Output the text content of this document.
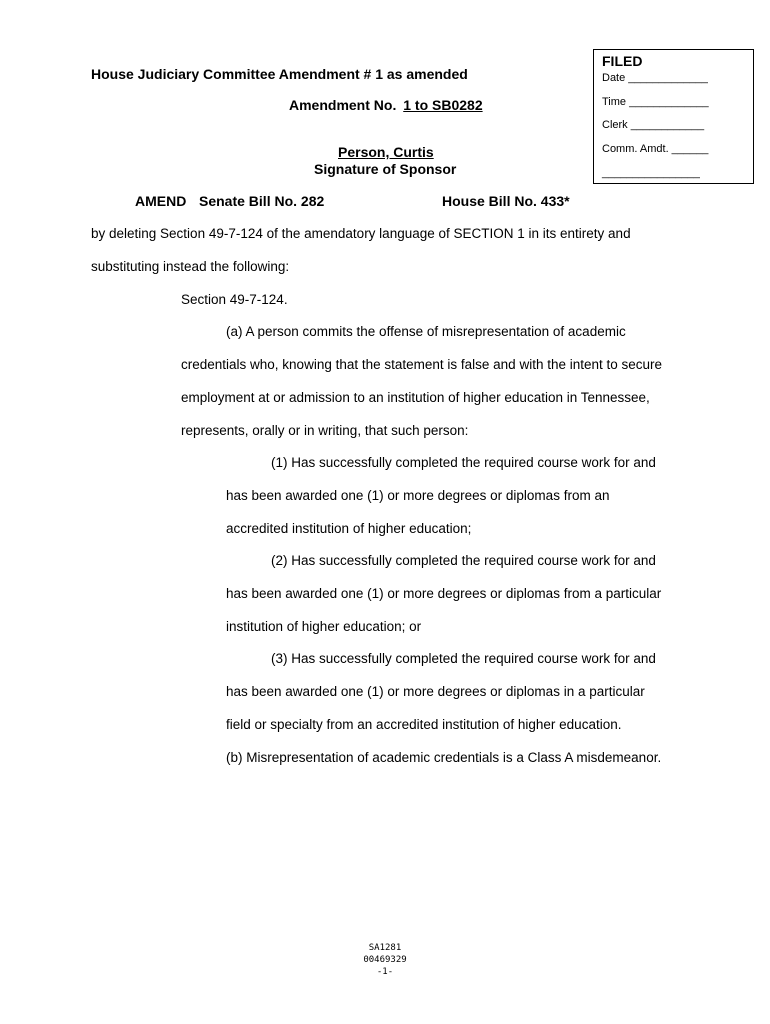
House Judiciary Committee Amendment # 1 as amended
Amendment No. 1 to SB0282
Person, Curtis
Signature of Sponsor
FILED
Date _____________
Time _____________
Clerk ____________
Comm. Amdt. ______
________________
AMEND Senate Bill No. 282	House Bill No. 433*
by deleting Section 49-7-124 of the amendatory language of SECTION 1 in its entirety and
substituting instead the following:
Section 49-7-124.
(a) A person commits the offense of misrepresentation of academic
credentials who, knowing that the statement is false and with the intent to secure
employment at or admission to an institution of higher education in Tennessee,
represents, orally or in writing, that such person:
(1) Has successfully completed the required course work for and
has been awarded one (1) or more degrees or diplomas from an
accredited institution of higher education;
(2) Has successfully completed the required course work for and
has been awarded one (1) or more degrees or diplomas from a particular
institution of higher education; or
(3) Has successfully completed the required course work for and
has been awarded one (1) or more degrees or diplomas in a particular
field or specialty from an accredited institution of higher education.
(b) Misrepresentation of academic credentials is a Class A misdemeanor.
SA1281
00469329
-1-
